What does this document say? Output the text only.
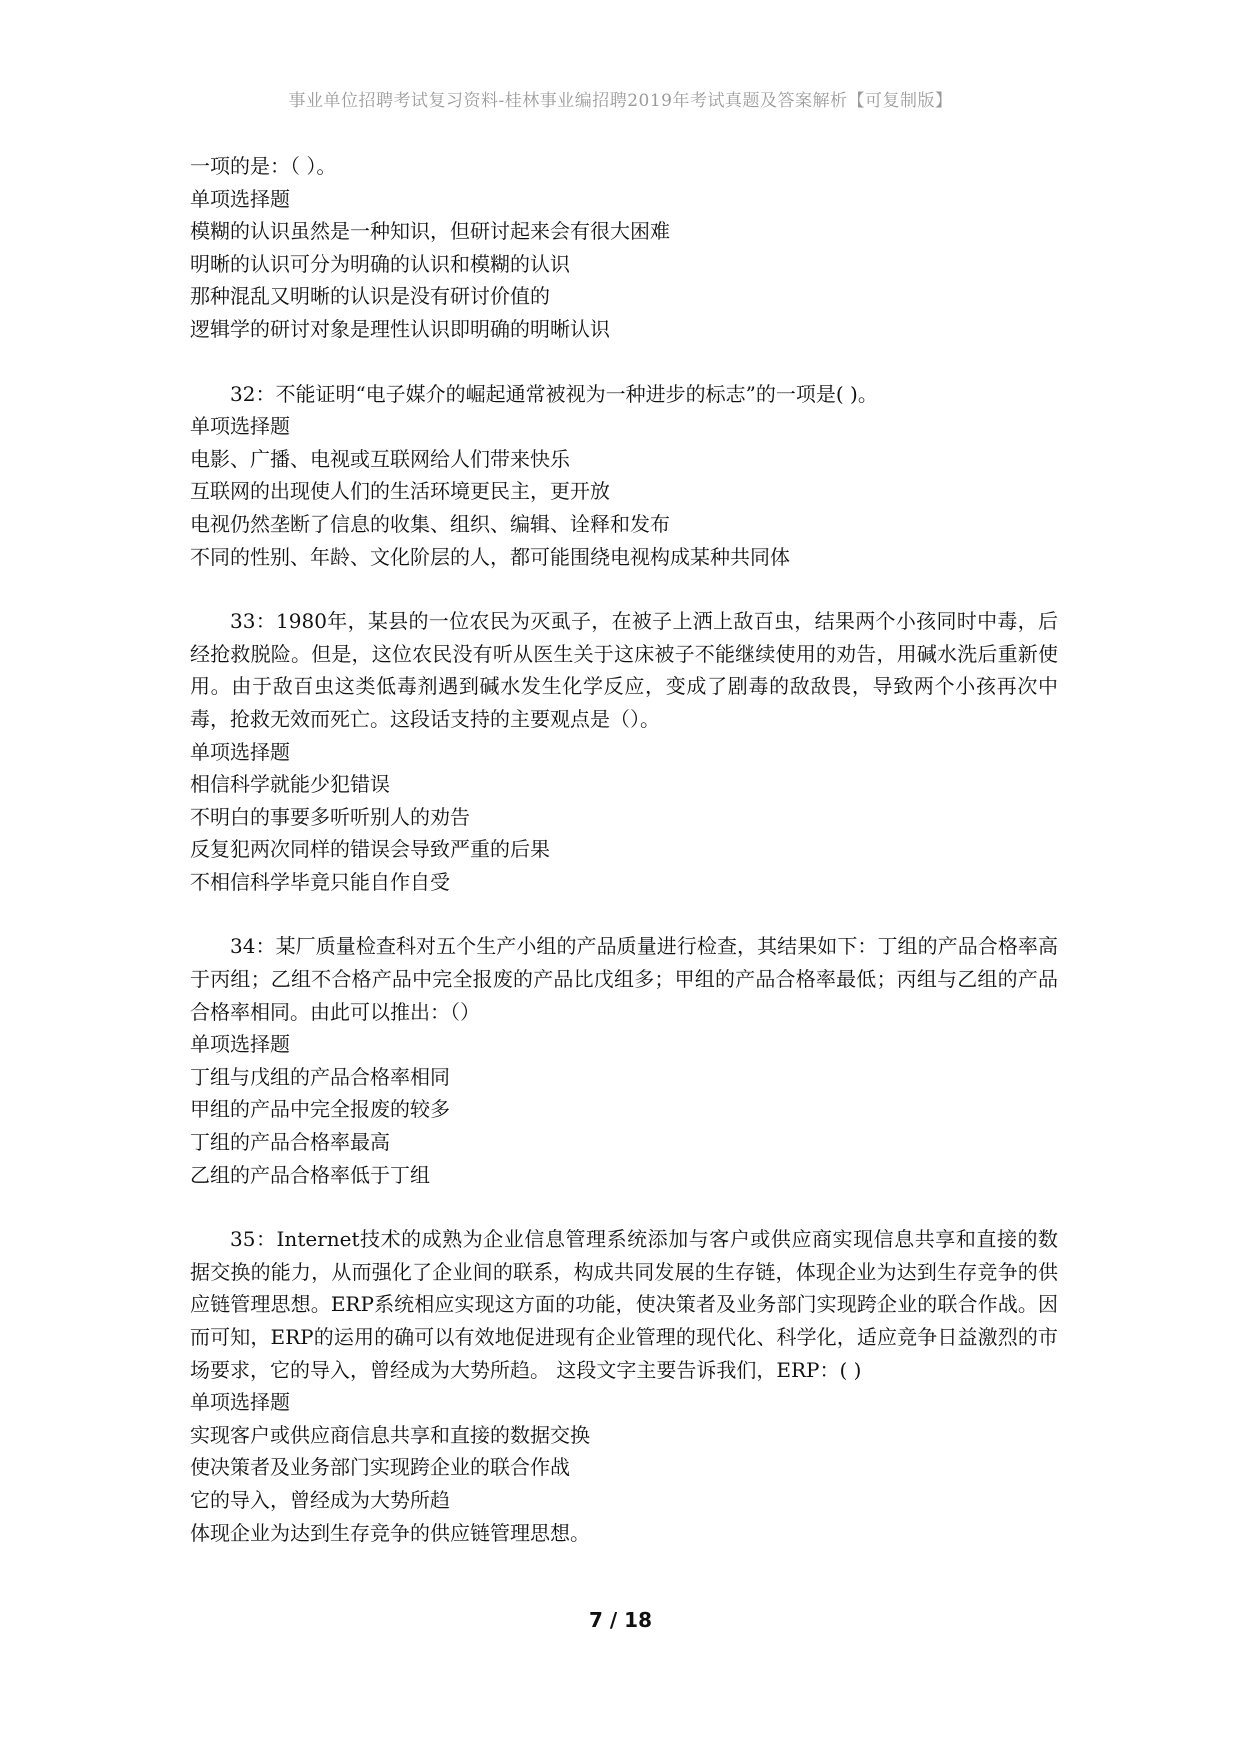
事业单位招聘考试复习资料-桂林事业编招聘2019年考试真题及答案解析【可复制版】
一项的是：（ ）。
单项选择题
模糊的认识虽然是一种知识，但研讨起来会有很大困难
明晰的认识可分为明确的认识和模糊的认识
那种混乱又明晰的认识是没有研讨价值的
逻辑学的研讨对象是理性认识即明确的明晰认识
32：不能证明“电子媒介的崛起通常被视为一种进步的标志”的一项是( )。
单项选择题
电影、广播、电视或互联网给人们带来快乐
互联网的出现使人们的生活环境更民主，更开放
电视仍然垄断了信息的收集、组织、编辑、诠释和发布
不同的性别、年龄、文化阶层的人，都可能围绕电视构成某种共同体
33：1980年，某县的一位农民为灭虱子，在被子上洒上敌百虫，结果两个小孩同时中毒，后经抢救脱险。但是，这位农民没有听从医生关于这床被子不能继续使用的劝告，用碱水洗后重新使用。由于敌百虫这类低毒剂遇到碱水发生化学反应，变成了剧毒的敌敌畏，导致两个小孩再次中毒，抢救无效而死亡。这段话支持的主要观点是（）。
单项选择题
相信科学就能少犯错误
不明白的事要多听听别人的劝告
反复犯两次同样的错误会导致严重的后果
不相信科学毕竟只能自作自受
34：某厂质量检查科对五个生产小组的产品质量进行检查，其结果如下：丁组的产品合格率高于丙组；乙组不合格产品中完全报废的产品比戊组多；甲组的产品合格率最低；丙组与乙组的产品合格率相同。由此可以推出：（）
单项选择题
丁组与戊组的产品合格率相同
甲组的产品中完全报废的较多
丁组的产品合格率最高
乙组的产品合格率低于丁组
35：Internet技术的成熟为企业信息管理系统添加与客户或供应商实现信息共享和直接的数据交换的能力，从而强化了企业间的联系，构成共同发展的生存链，体现企业为达到生存竞争的供应链管理思想。ERP系统相应实现这方面的功能，使决策者及业务部门实现跨企业的联合作战。因而可知，ERP的运用的确可以有效地促进现有企业管理的现代化、科学化，适应竞争日益激烈的市场要求，它的导入，曾经成为大势所趋。 这段文字主要告诉我们，ERP：( )
单项选择题
实现客户或供应商信息共享和直接的数据交换
使决策者及业务部门实现跨企业的联合作战
它的导入，曾经成为大势所趋
体现企业为达到生存竞争的供应链管理思想。
7 / 18
